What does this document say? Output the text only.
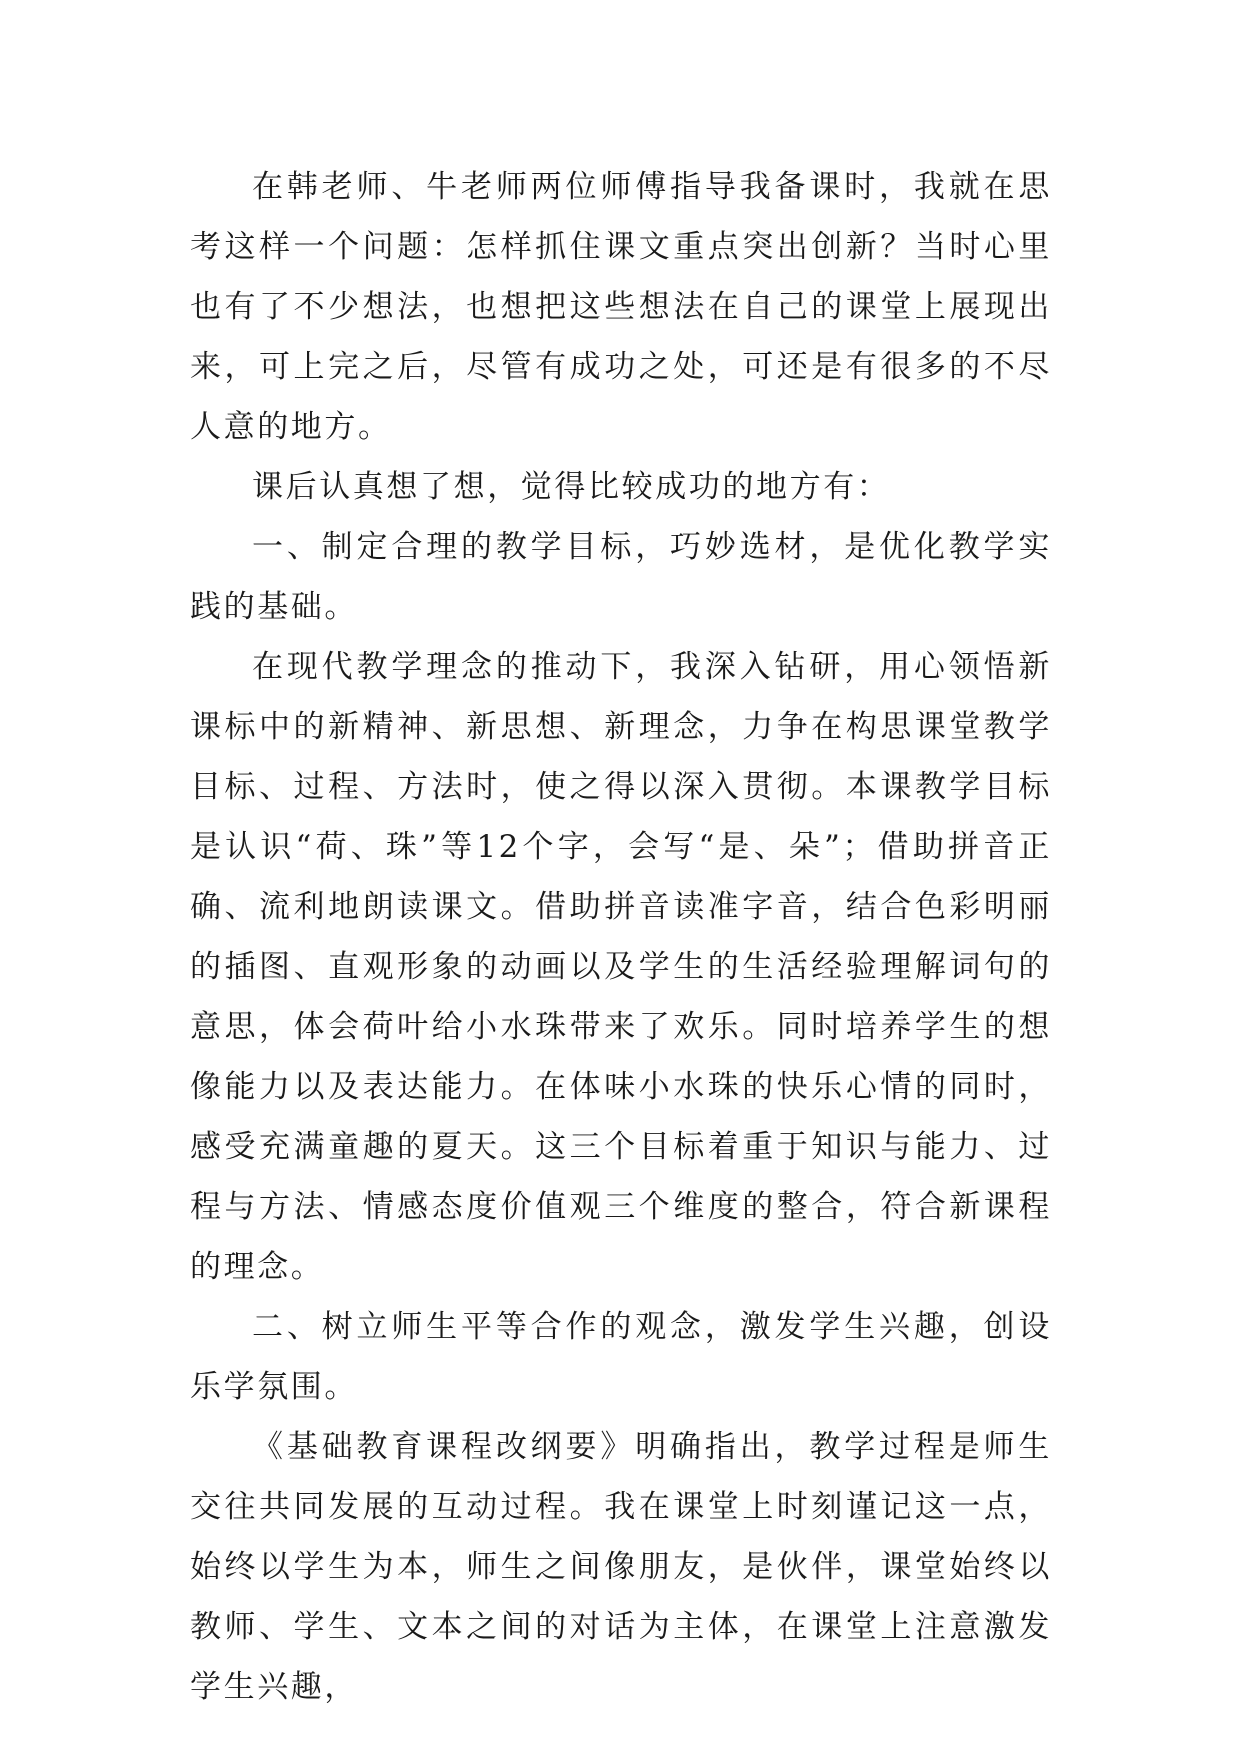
在韩老师、牛老师两位师傅指导我备课时，我就在思考这样一个问题：怎样抓住课文重点突出创新？当时心里也有了不少想法，也想把这些想法在自己的课堂上展现出来，可上完之后，尽管有成功之处，可还是有很多的不尽人意的地方。

课后认真想了想，觉得比较成功的地方有：

一、制定合理的教学目标，巧妙选材，是优化教学实践的基础。

在现代教学理念的推动下，我深入钻研，用心领悟新课标中的新精神、新思想、新理念，力争在构思课堂教学目标、过程、方法时，使之得以深入贯彻。本课教学目标是认识“荷、珠”等12个字，会写“是、朵”；借助拼音正确、流利地朗读课文。借助拼音读准字音，结合色彩明丽的插图、直观形象的动画以及学生的生活经验理解词句的意思，体会荷叶给小水珠带来了欢乐。同时培养学生的想像能力以及表达能力。在体味小水珠的快乐心情的同时，感受充满童趣的夏天。这三个目标着重于知识与能力、过程与方法、情感态度价值观三个维度的整合，符合新课程的理念。

二、树立师生平等合作的观念，激发学生兴趣，创设乐学氛围。

《基础教育课程改纲要》明确指出，教学过程是师生交往共同发展的互动过程。我在课堂上时刻谨记这一点，始终以学生为本，师生之间像朋友，是伙伴，课堂始终以教师、学生、文本之间的对话为主体，在课堂上注意激发学生兴趣，
